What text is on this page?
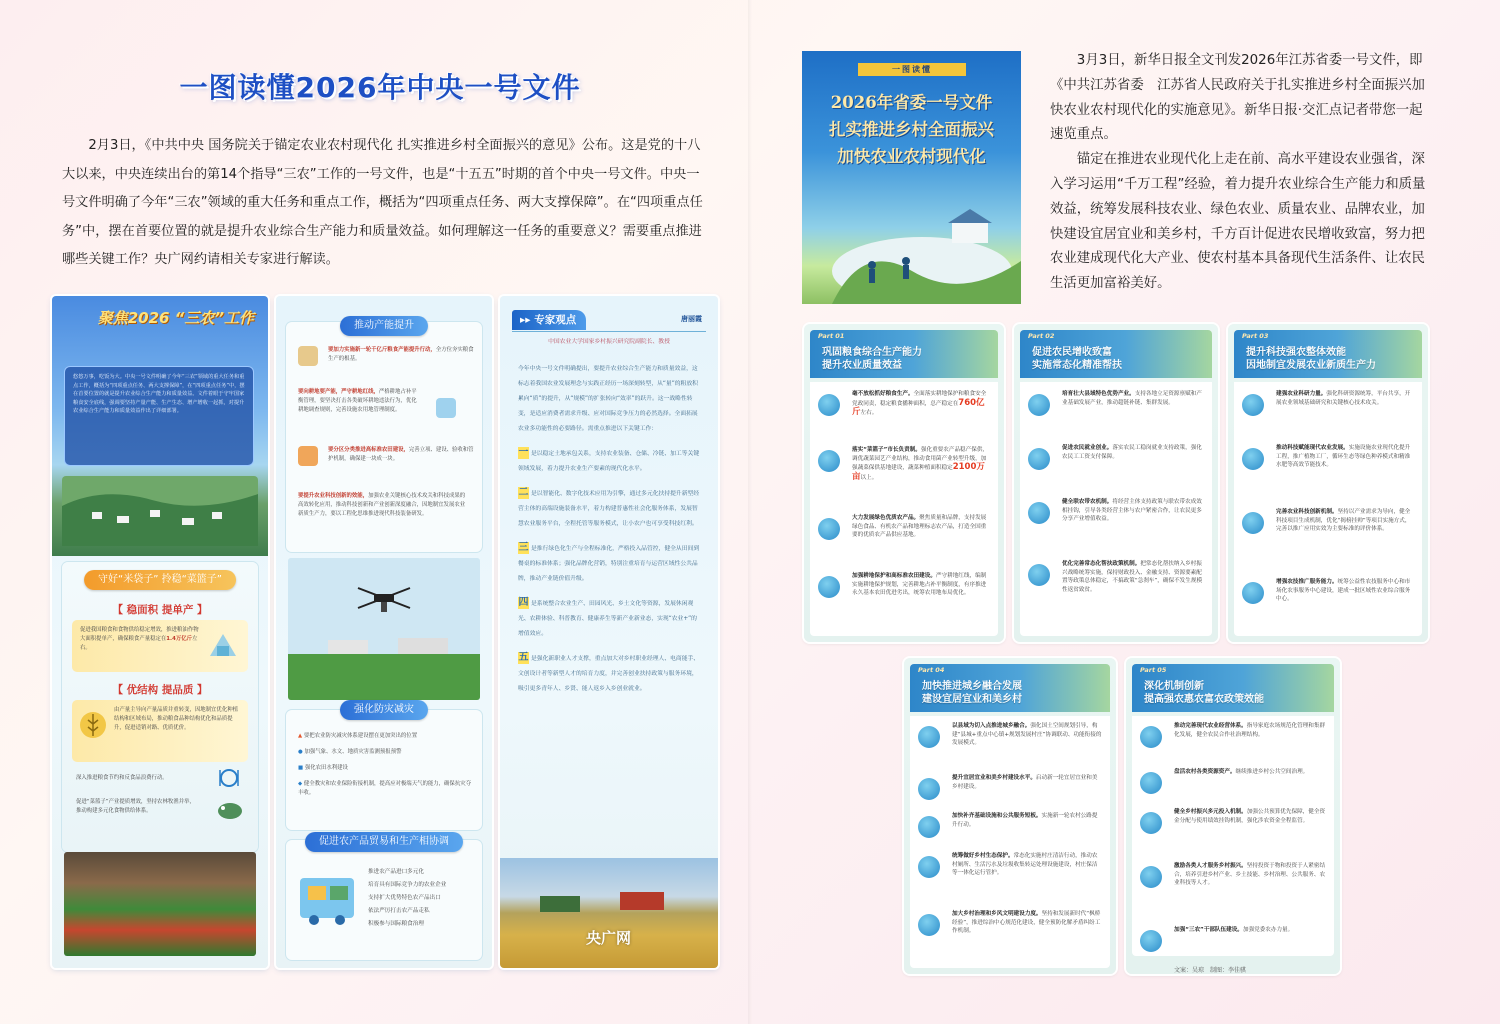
一图读懂2026年中央一号文件
2月3日，《中共中央 国务院关于锚定农业农村现代化 扎实推进乡村全面振兴的意见》公布。这是党的十八大以来，中央连续出台的第14个指导“三农”工作的一号文件，也是“十五五”时期的首个中央一号文件。中央一号文件明确了今年“三农”领域的重大任务和重点工作，概括为“四项重点任务、两大支撑保障”。在“四项重点任务”中，摆在首要位置的就是提升农业综合生产能力和质量效益。如何理解这一任务的重要意义？需要重点推进哪些关键工作？央广网约请相关专家进行解读。
聚焦2026 “三农”工作
悠悠万事，吃饭为大。中央一号文件明确了今年“三农”领域的重大任务和重点工作，概括为“四项重点任务、两大支撑保障”，在“四项重点任务”中，摆在首要位置的就是提升农业综合生产能力和质量效益。文件着眼于守牢国家粮食安全底线，强调要坚持产量产能、生产生态、增产增收一起抓，对提升农业综合生产能力和质量效益作出了详细部署。
守好“米袋子” 拎稳“菜篮子”
【 稳面积 提单产 】
促进我国粮食和食物供给稳定增效，推进粮油作物大面积提单产，确保粮食产量稳定在1.4万亿斤左右。
【 优结构 提品质 】
由产量主导向产量品质并重转变，因地制宜优化种植结构和区域布局，推动粮食品种结构优化和品质提升，促进适销对路、优质优价。
深入推进粮食节约和反食品浪费行动。
促进“菜篮子”产业提质增效，坚持农林牧渔并举，推动构建多元化食物供给体系。
推动产能提升
要加力实施新一轮千亿斤粮食产能提升行动，全方位夯实粮食生产的根基。
要向耕地要产能，严守耕地红线，严格耕地占补平衡管理，要坚决打击各类破坏耕地违法行为，优化耕地调查规则，完善设施农用地管理制度。
要分区分类推进高标准农田建设，完善立项、建设、验收和管护机制，确保建一块成一块。
要提升农业科技创新的效能，加强农业关键核心技术攻关和科技成果的高效转化应用，推动科技创新和产业创新深度融合，因地制宜发展农业新质生产力，要以工程化思维推进现代科技装备研发。
强化防灾减灾
▲ 要把农业防灾减灾体系建设摆在更加突出的位置
● 加强气象、水文、地质灾害监测预报预警
■ 强化农田水利建设
◆ 健全教灾和农业保险衔接机制，提高应对极端天气的能力，确保抗灾夺丰收。
促进农产品贸易和生产相协调
推进农产品进口多元化
培育具有国际竞争力的农业企业
支持扩大优势特色农产品出口
依法严厉打击农产品走私
积极参与国际粮食治理
▸▸ 专家观点	唐丽霞
中国农业大学国家乡村振兴研究院副院长、教授
今年中央一号文件明确提出，要提升农业综合生产能力和质量效益，这标志着我国农业发展理念与实践正经历一场深刻转型，从“量”的粗放积累向“质”的提升，从“规模”的扩张转向“效率”的跃升。这一战略性转变，是适应消费者需求升级、应对国际竞争压力的必然选择。全面拓展农业多功能性的必要路径。需重点推进以下关键工作：
一 是以稳定土地承包关系，支持农业装备、仓储、冷链、加工等关键领域发展，着力提升农业生产要素的现代化水平。
二 是以智能化、数字化技术应用为引擎，通过多元化扶持提升新型经营主体的高端设施装备水平，着力构建普惠性社会化服务体系，发展智慧农业服务平台，全程托管等服务模式，让小农户也可享受科技红利。
三 是推行绿色化生产与全程标准化，严格投入品管控，健全从田间到餐桌的标准体系；强化品牌化营销，特别注重培育与运营区域性公共品牌，推动产业链价值升级。
四 是系统整合农业生产、田园风光、乡土文化等资源，发展休闲观光、农耕体验、科普教育、健康养生等新产业新业态，实现“农业+”的增值效应。
五 是强化新职业人才支撑，重点加大对乡村职业经理人、电商能手、文创设计者等新型人才的培育力度，并完善创业扶持政策与服务环境，吸引更多青年人、乡贤、能人返乡入乡创业就业。
央广网
一图读懂
2026年省委一号文件
扎实推进乡村全面振兴
加快农业农村现代化

3月3日，新华日报全文刊发2026年江苏省委一号文件，即《中共江苏省委　江苏省人民政府关于扎实推进乡村全面振兴加快农业农村现代化的实施意见》。新华日报·交汇点记者带您一起速览重点。

锚定在推进农业现代化上走在前、高水平建设农业强省，深入学习运用“千万工程”经验，着力提升农业综合生产能力和质量效益，统筹发展科技农业、绿色农业、质量农业、品牌农业，加快建设宜居宜业和美乡村，千方百计促进农民增收致富，努力把农业建成现代化大产业、使农村基本具备现代生活条件、让农民生活更加富裕美好。

Part 01
巩固粮食综合生产能力
提升农业质量效益
毫不放松抓好粮食生产。全面落实耕地保护和粮食安全党政同责，稳定粮食播种面积，总产稳定在760亿斤左右。
落实“菜篮子”市长负责制。强化重要农产品稳产保供，调优蔬菜园艺产业结构，推动食用菌产业转型升级，加强蔬菜保供基地建设，蔬菜种植面积稳定2100万亩以上。
大力发展绿色优质农产品。聚焦质量和品牌，支持发展绿色食品、有机农产品和地理标志农产品，打造全国重要的优质农产品供应基地。
加强耕地保护和高标准农田建设。严守耕地红线，编制实施耕地保护规划，完善耕地占补平衡制度，有序推进永久基本农田优进劣出，统筹农用地布局优化。
Part 02
促进农民增收致富
实施常态化精准帮扶
培育壮大县域特色优势产业。支持各地立足资源禀赋和产业基础发展产业，推动超链补链、集群发展。
促进农民就业创业。落实农民工稳岗就业支持政策，强化农民工工资支付保障。
健全联农带农机制。将经营主体支持政策与联农带农成效相挂钩，引导各类经营主体与农户紧密合作，让农民更多分享产业增值收益。
优化完善常态化帮扶政策机制。把常态化帮扶纳入乡村振兴战略统筹实施，保持财政投入、金融支持、资源要素配置等政策总体稳定，不搞政策“急刹车”，确保不发生规模性返贫致贫。
Part 03
提升科技强农整体效能
因地制宜发展农业新质生产力
建强农业科研力量。强化科研资源统筹，平台共享，开展农业领域基础研究和关键核心技术攻关。
推动科技赋能现代农业发展。实施设施农业现代化提升工程，推广植物工厂，循环生态等绿色种养模式和精准水肥等高效节能技术。
完善农业科技创新机制。坚持以产业需求为导向，健全科技项目生成机制，优化“揭榜挂帅”等项目实施方式，完善以推广应用实效为主要标准的评价体系。
增强农技推广服务能力。统筹公益性农技服务中心和市场化农事服务中心建设，建成一批区域性农业综合服务中心。
Part 04
加快推进城乡融合发展
建设宜居宜业和美乡村
以县域为切入点推进城乡融合。强化国土空间规划引导，构建“县城+重点中心镇+规划发展村庄”协调联动、功能衔接的发展模式。
提升宜居宜业和美乡村建设水平。启动新一轮宜居宜业和美乡村建设。
加快补齐基础设施和公共服务短板。实施新一轮农村公路提升行动。
统筹做好乡村生态保护。常态化实施村庄清洁行动，推动农村厕所、生活污水及垃圾收集转运处理设施建设，村庄保洁等一体化运行管护。
加大乡村治理和乡风文明建设力度。坚持和发展新时代“枫桥经验”，推进综治中心规范化建设，健全预防化解矛盾纠纷工作机制。
Part 05
深化机制创新
提高强农惠农富农政策效能
推动完善现代农业经营体系。指导家庭农场规范化管理和集群化发展，健全农民合作社治理结构。
盘活农村各类资源资产。继续推进乡村公共空间治理。
健全乡村振兴多元投入机制。加强公共预算优先保障，健全资金分配与使用绩效挂钩机制，强化涉农资金全程监管。
激励各类人才服务乡村振兴。坚持投资于物和投资于人紧密结合，培养引进乡村产业、乡土技能、乡村治理、公共服务、农业科技等人才。
加强“三农”干部队伍建设。加强党委农办力量。
文案：吴琼　制图：李佳骐
